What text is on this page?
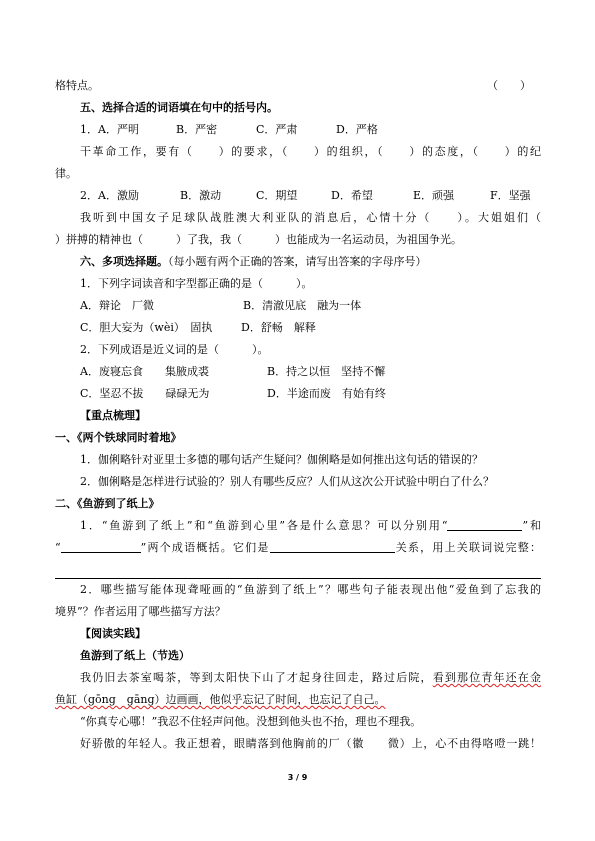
格特点。	（　　）
五、选择合适的词语填在句中的括号内。
1．A．严明	B．严密	C．严肃	D．严格
干革命工作，要有（　　）的要求，（　　）的组织，（　　）的态度，（　　）的纪
律。
2．A．激励	B．激动	C．期望	D．希望	E．顽强	F．坚强
我听到中国女子足球队战胜澳大利亚队的消息后，心情十分（　　）。大姐姐们（
）拼搏的精神也（　　　）了我，我（　　　）也能成为一名运动员，为祖国争光。
六、多项选择题。（每小题有两个正确的答案，请写出答案的字母序号）
1．下列字词读音和字型都正确的是（　　　）。
A．辩论　厂微	B．清澈见底　融为一体
C．胆大妄为（wèi）　固执	D．舒畅　解释
2．下列成语是近义词的是（　　　）。
A．废寝忘食　　集腋成裘	B．持之以恒　坚持不懈
C．坚忍不拔　　碌碌无为	D．半途而废　有始有终
【重点梳理】
一、《两个铁球同时着地》
1．伽俐略针对亚里士多德的哪句话产生疑问？伽俐略是如何推出这句话的错误的？
2．伽俐略是怎样进行试验的？别人有哪些反应？人们从这次公开试验中明白了什么？
二、《鱼游到了纸上》
1．“鱼游到了纸上”和“鱼游到心里”各是什么意思？可以分别用“	”和
“	”两个成语概括。它们是	关系，用上关联词说完整：
2．哪些描写能体现聋哑画的“鱼游到了纸上”？哪些句子能表现出他“爱鱼到了忘我的
境界”？作者运用了哪些描写方法？
【阅读实践】
鱼游到了纸上（节选）
我仍旧去茶室喝茶，等到太阳快下山了才起身往回走，路过后院，看到那位青年还在金
鱼缸（gōng　gāng）边画画，他似乎忘记了时间，也忘记了自己。
“你真专心哪！”我忍不住轻声问他。没想到他头也不抬，理也不理我。
好骄傲的年轻人。我正想着，眼睛落到他胸前的厂（徽　　微）上，心不由得咯噔一跳！
3 / 9
